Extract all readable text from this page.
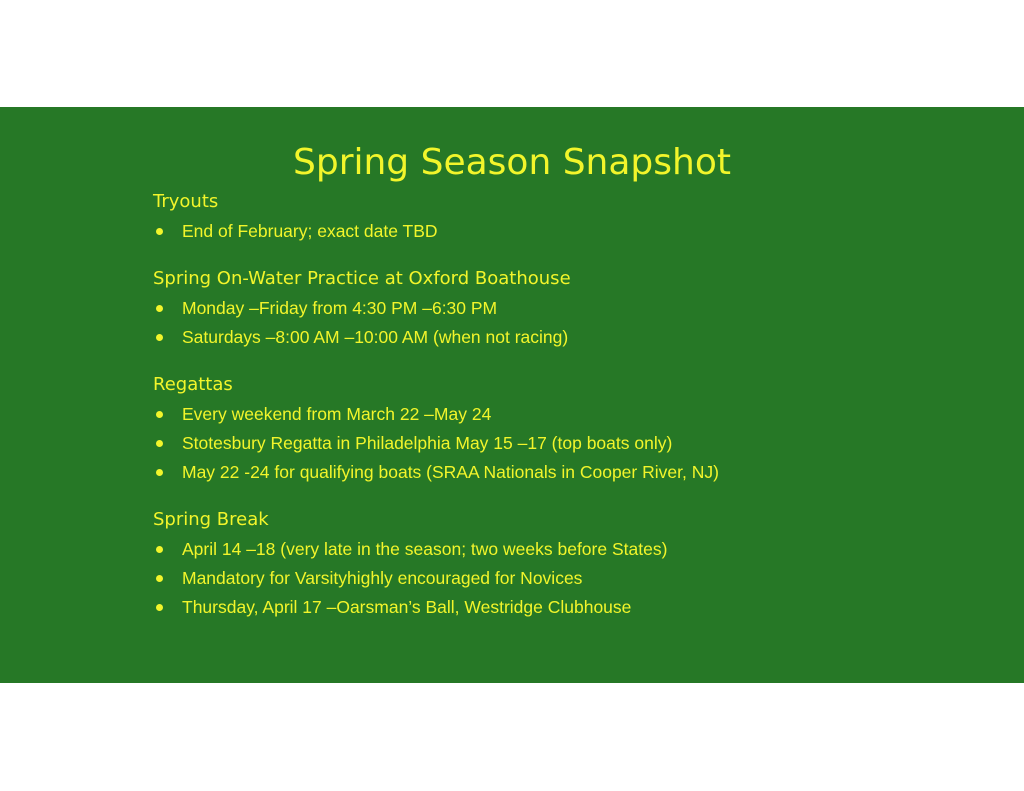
Spring Season Snapshot
Tryouts
End of February; exact date TBD
Spring On-Water Practice at Oxford Boathouse
Monday –Friday from 4:30 PM –6:30 PM
Saturdays –8:00 AM –10:00 AM (when not racing)
Regattas
Every weekend from March 22 –May 24
Stotesbury Regatta in Philadelphia May 15 –17 (top boats only)
May 22 -24 for qualifying boats (SRAA Nationals in Cooper River, NJ)
Spring Break
April 14 –18 (very late in the season; two weeks before States)
Mandatory for Varsityhighly encouraged for Novices
Thursday, April 17 –Oarsman’s Ball, Westridge Clubhouse
